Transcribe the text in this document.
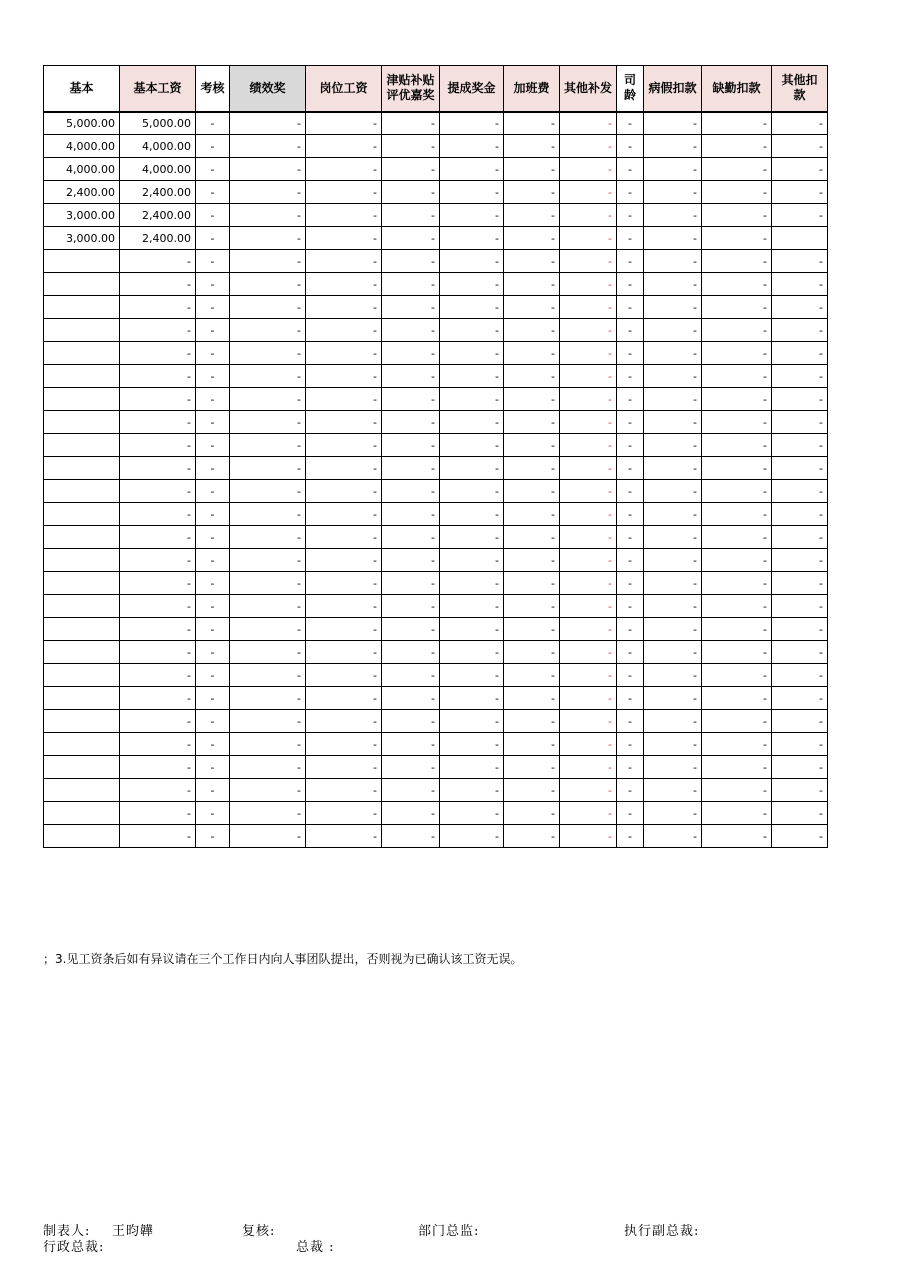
基本	基本工资	考核	绩效奖	岗位工资	津贴补贴评优嘉奖	提成奖金	加班费	其他补发	司龄	病假扣款	缺勤扣款	其他扣款
5,000.00	5,000.00	-	-	-	-	-	-	-	-	-	-	-
4,000.00	4,000.00	-	-	-	-	-	-	-	-	-	-	-
4,000.00	4,000.00	-	-	-	-	-	-	-	-	-	-	-
2,400.00	2,400.00	-	-	-	-	-	-	-	-	-	-	-
3,000.00	2,400.00	-	-	-	-	-	-	-	-	-	-	-
3,000.00	2,400.00	-	-	-	-	-	-	-	-	-	-	
	-	-	-	-	-	-	-	-	-	-	-	-
	-	-	-	-	-	-	-	-	-	-	-	-
	-	-	-	-	-	-	-	-	-	-	-	-
	-	-	-	-	-	-	-	-	-	-	-	-
	-	-	-	-	-	-	-	-	-	-	-	-
	-	-	-	-	-	-	-	-	-	-	-	-
	-	-	-	-	-	-	-	-	-	-	-	-
	-	-	-	-	-	-	-	-	-	-	-	-
	-	-	-	-	-	-	-	-	-	-	-	-
	-	-	-	-	-	-	-	-	-	-	-	-
	-	-	-	-	-	-	-	-	-	-	-	-
	-	-	-	-	-	-	-	-	-	-	-	-
	-	-	-	-	-	-	-	-	-	-	-	-
	-	-	-	-	-	-	-	-	-	-	-	-
	-	-	-	-	-	-	-	-	-	-	-	-
	-	-	-	-	-	-	-	-	-	-	-	-
	-	-	-	-	-	-	-	-	-	-	-	-
	-	-	-	-	-	-	-	-	-	-	-	-
	-	-	-	-	-	-	-	-	-	-	-	-
	-	-	-	-	-	-	-	-	-	-	-	-
	-	-	-	-	-	-	-	-	-	-	-	-
	-	-	-	-	-	-	-	-	-	-	-	-
	-	-	-	-	-	-	-	-	-	-	-	-
	-	-	-	-	-	-	-	-	-	-	-	-
	-	-	-	-	-	-	-	-	-	-	-	-
	-	-	-	-	-	-	-	-	-	-	-	-
；3.见工资条后如有异议请在三个工作日内向人事团队提出，否则视为已确认该工资无误。
制表人: 王昀韡	复核:	部门总监:	执行副总裁:
行政总裁:	总裁 :
